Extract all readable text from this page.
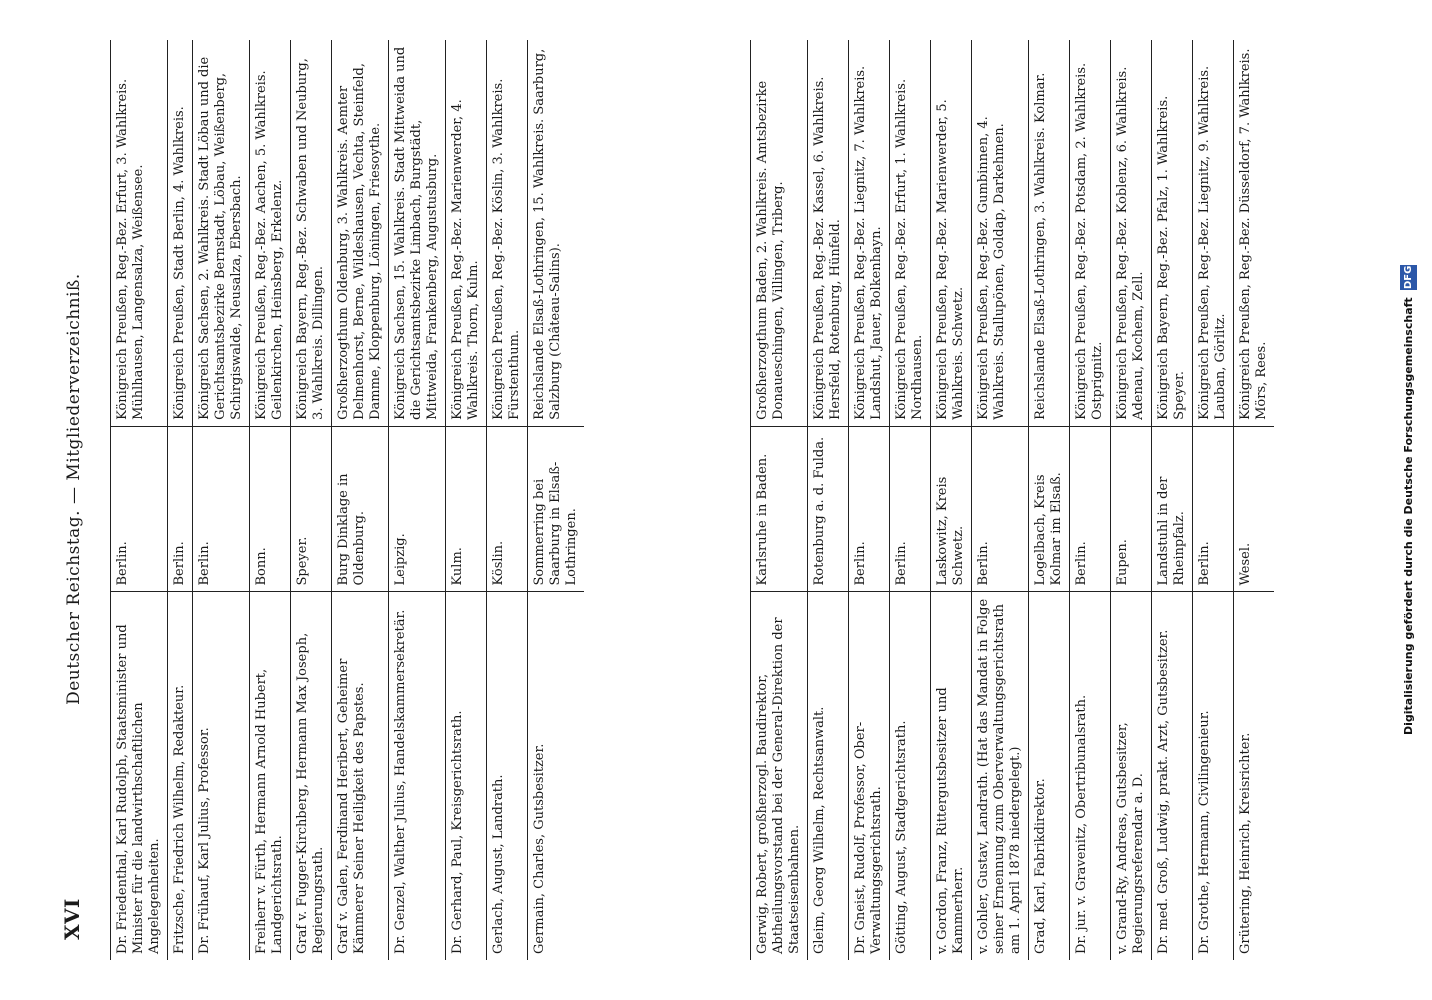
XVI
Deutscher Reichstag. — Mitgliederverzeichniß.
Dr. Friedenthal, Karl Rudolph, Staatsminister und Minister für die landwirthschaftlichen Angelegenheiten.	Berlin.	Königreich Preußen, Reg.-Bez. Erfurt, 3. Wahlkreis. Mühlhausen, Langensalza, Weißensee.
Fritzsche, Friedrich Wilhelm, Redakteur.	Berlin.	Königreich Preußen, Stadt Berlin, 4. Wahlkreis.
Dr. Frühauf, Karl Julius, Professor.	Berlin.	Königreich Sachsen, 2. Wahlkreis. Stadt Löbau und die Gerichtsamtsbezirke Bernstadt, Löbau, Weißenberg, Schirgiswalde, Neusalza, Ebersbach.
Freiherr v. Fürth, Hermann Arnold Hubert, Landgerichtsrath.	Bonn.	Königreich Preußen, Reg.-Bez. Aachen, 5. Wahlkreis. Geilenkirchen, Heinsberg, Erkelenz.
Graf v. Fugger-Kirchberg, Hermann Max Joseph, Regierungsrath.	Speyer.	Königreich Bayern, Reg.-Bez. Schwaben und Neuburg, 3. Wahlkreis. Dillingen.
Graf v. Galen, Ferdinand Heribert, Geheimer Kämmerer Seiner Heiligkeit des Papstes.	Burg Dinklage in Oldenburg.	Großherzogthum Oldenburg, 3. Wahlkreis. Aemter Delmenhorst, Berne, Wildeshausen, Vechta, Steinfeld, Damme, Kloppenburg, Löningen, Friesoythe.
Dr. Genzel, Walther Julius, Handelskammersekretär.	Leipzig.	Königreich Sachsen, 15. Wahlkreis. Stadt Mittweida und die Gerichtsamtsbezirke Limbach, Burgstädt, Mittweida, Frankenberg, Augustusburg.
Dr. Gerhard, Paul, Kreisgerichtsrath.	Kulm.	Königreich Preußen, Reg.-Bez. Marienwerder, 4. Wahlkreis. Thorn, Kulm.
Gerlach, August, Landrath.	Köslin.	Königreich Preußen, Reg.-Bez. Köslin, 3. Wahlkreis. Fürstenthum.
Germain, Charles, Gutsbesitzer.	Sommerring bei Saarburg in Elsaß-Lothringen.	Reichslande Elsaß-Lothringen, 15. Wahlkreis. Saarburg, Salzburg (Château-Salins).
Gerwig, Robert, großherzogl. Baudirektor, Abtheilungsvorstand bei der General-Direktion der Staatseisenbahnen.	Karlsruhe in Baden.	Großherzogthum Baden, 2. Wahlkreis. Amtsbezirke Donaueschingen, Villingen, Triberg.
Gleim, Georg Wilhelm, Rechtsanwalt.	Rotenburg a. d. Fulda.	Königreich Preußen, Reg.-Bez. Kassel, 6. Wahlkreis. Hersfeld, Rotenburg, Hünfeld.
Dr. Gneist, Rudolf, Professor, Ober-Verwaltungsgerichtsrath.	Berlin.	Königreich Preußen, Reg.-Bez. Liegnitz, 7. Wahlkreis. Landshut, Jauer, Bolkenhayn.
Götting, August, Stadtgerichtsrath.	Berlin.	Königreich Preußen, Reg.-Bez. Erfurt, 1. Wahlkreis. Nordhausen.
v. Gordon, Franz, Rittergutsbesitzer und Kammerherr.	Laskowitz, Kreis Schwetz.	Königreich Preußen, Reg.-Bez. Marienwerder, 5. Wahlkreis. Schwetz.
v. Gohler, Gustav, Landrath. (Hat das Mandat in Folge seiner Ernennung zum Oberverwaltungsgerichtsrath am 1. April 1878 niedergelegt.)	Berlin.	Königreich Preußen, Reg.-Bez. Gumbinnen, 4. Wahlkreis. Stallupönen, Goldap, Darkehmen.
Grad, Karl, Fabrikdirektor.	Logelbach, Kreis Kolmar im Elsaß.	Reichslande Elsaß-Lothringen, 3. Wahlkreis. Kolmar.
Dr. jur. v. Gravenitz, Obertribunalsrath.	Berlin.	Königreich Preußen, Reg.-Bez. Potsdam, 2. Wahlkreis. Ostprignitz.
v. Grand-Ry, Andreas, Gutsbesitzer, Regierungsreferendar a. D.	Eupen.	Königreich Preußen, Reg.-Bez. Koblenz, 6. Wahlkreis. Adenau, Kochem, Zell.
Dr. med. Groß, Ludwig, prakt. Arzt, Gutsbesitzer.	Landstuhl in der Rheinpfalz.	Königreich Bayern, Reg.-Bez. Pfalz, 1. Wahlkreis. Speyer.
Dr. Grothe, Hermann, Civilingenieur.	Berlin.	Königreich Preußen, Reg.-Bez. Liegnitz, 9. Wahlkreis. Lauban, Görlitz.
Grütering, Heinrich, Kreisrichter.	Wesel.	Königreich Preußen, Reg.-Bez. Düsseldorf, 7. Wahlkreis. Mörs, Rees.	Digitalisierung gefördert durch die Deutsche Forschungsgemeinschaft DFG
